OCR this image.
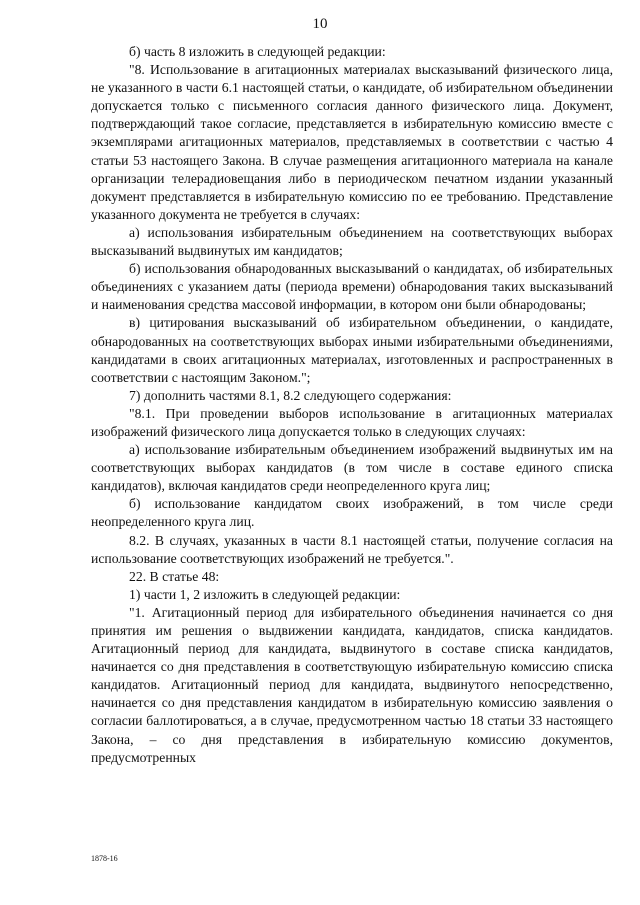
10

б) часть 8 изложить в следующей редакции:

"8. Использование в агитационных материалах высказываний физического лица, не указанного в части 6.1 настоящей статьи, о кандидате, об избирательном объединении допускается только с письменного согласия данного физического лица. Документ, подтверждающий такое согласие, представляется в избирательную комиссию вместе с экземплярами агитационных материалов, представляемых в соответствии с частью 4 статьи 53 настоящего Закона. В случае размещения агитационного материала на канале организации телерадиовещания либо в периодическом печатном издании указанный документ представляется в избирательную комиссию по ее требованию. Представление указанного документа не требуется в случаях:

а) использования избирательным объединением на соответствующих выборах высказываний выдвинутых им кандидатов;

б) использования обнародованных высказываний о кандидатах, об избирательных объединениях с указанием даты (периода времени) обнародования таких высказываний и наименования средства массовой информации, в котором они были обнародованы;

в) цитирования высказываний об избирательном объединении, о кандидате, обнародованных на соответствующих выборах иными избирательными объединениями, кандидатами в своих агитационных материалах, изготовленных и распространенных в соответствии с настоящим Законом.";

7) дополнить частями 8.1, 8.2 следующего содержания:

"8.1. При проведении выборов использование в агитационных материалах изображений физического лица допускается только в следующих случаях:

а) использование избирательным объединением изображений выдвинутых им на соответствующих выборах кандидатов (в том числе в составе единого списка кандидатов), включая кандидатов среди неопределенного круга лиц;

б) использование кандидатом своих изображений, в том числе среди неопределенного круга лиц.

8.2. В случаях, указанных в части 8.1 настоящей статьи, получение согласия на использование соответствующих изображений не требуется.".

22. В статье 48:

1) части 1, 2 изложить в следующей редакции:

"1. Агитационный период для избирательного объединения начинается со дня принятия им решения о выдвижении кандидата, кандидатов, списка кандидатов. Агитационный период для кандидата, выдвинутого в составе списка кандидатов, начинается со дня представления в соответствующую избирательную комиссию списка кандидатов. Агитационный период для кандидата, выдвинутого непосредственно, начинается со дня представления кандидатом в избирательную комиссию заявления о согласии баллотироваться, а в случае, предусмотренном частью 18 статьи 33 настоящего Закона, – со дня представления в избирательную комиссию документов, предусмотренных

1878-16
